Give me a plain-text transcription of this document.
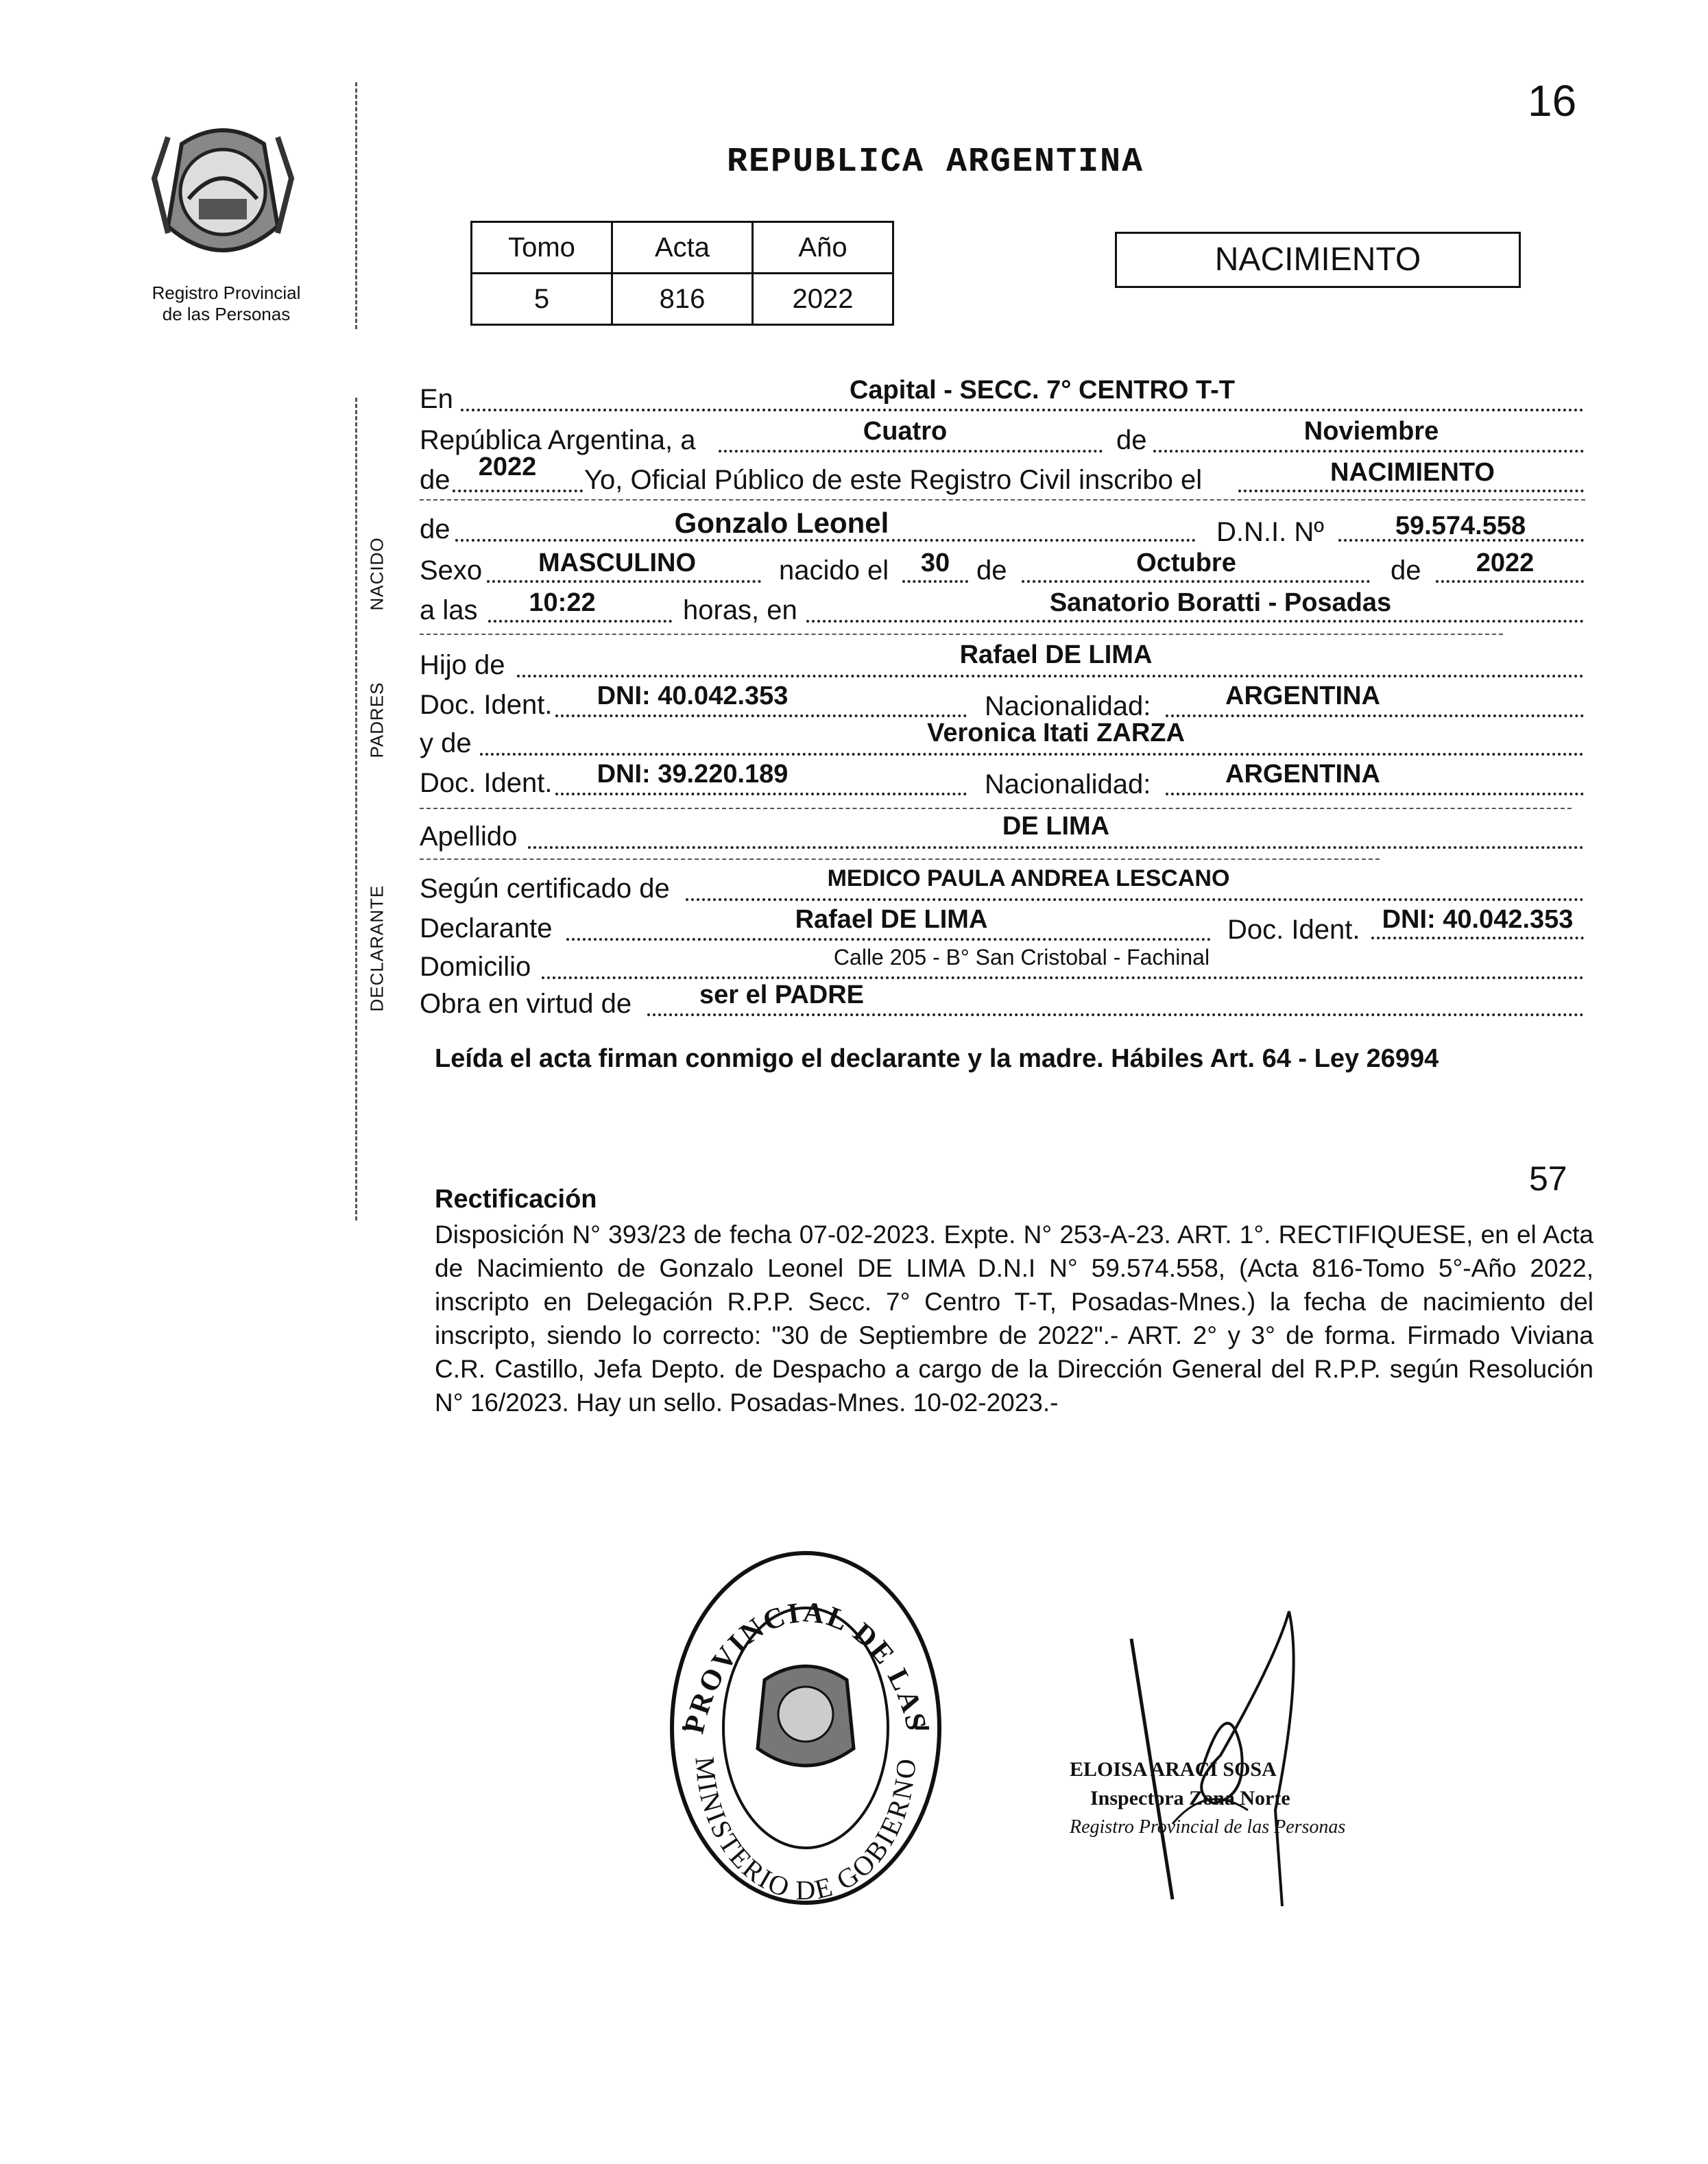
16
Registro Provincial
de las Personas
REPUBLICA ARGENTINA
Tomo	Acta	Año
5	816	2022
NACIMIENTO
NACIDO
PADRES
DECLARANTE
En	Capital - SECC. 7° CENTRO T-T
República Argentina, a	Cuatro	de	Noviembre
de	2022	Yo, Oficial Público de este Registro Civil inscribo el	NACIMIENTO
de	Gonzalo Leonel	D.N.I. Nº	59.574.558
Sexo	MASCULINO	nacido el	30 de	Octubre	de	2022
a las	10:22	horas, en	Sanatorio Boratti - Posadas
Hijo de	Rafael DE LIMA
Doc. Ident.	DNI: 40.042.353	Nacionalidad:	ARGENTINA
y de	Veronica Itati ZARZA
Doc. Ident.	DNI: 39.220.189	Nacionalidad:	ARGENTINA
Apellido	DE LIMA
Según certificado de	MEDICO PAULA ANDREA LESCANO
Declarante	Rafael DE LIMA	Doc. Ident. DNI: 40.042.353
Domicilio	Calle 205 - B° San Cristobal - Fachinal
Obra en virtud de	ser el PADRE
Leída el acta firman conmigo el declarante y la madre. Hábiles Art. 64 - Ley 26994
57
Rectificación
Disposición N° 393/23 de fecha 07-02-2023. Expte. N° 253-A-23. ART. 1°. RECTIFIQUESE, en el Acta de Nacimiento de Gonzalo Leonel DE LIMA D.N.I N° 59.574.558, (Acta 816-Tomo 5°-Año 2022, inscripto en Delegación R.P.P. Secc. 7° Centro T-T, Posadas-Mnes.) la fecha de nacimiento del inscripto, siendo lo correcto: "30 de Septiembre de 2022".- ART. 2° y 3° de forma. Firmado Viviana C.R. Castillo, Jefa Depto. de Despacho a cargo de la Dirección General del R.P.P. según Resolución N° 16/2023. Hay un sello. Posadas-Mnes. 10-02-2023.-
PROVINCIAL DE LAS
MINISTERIO DE GOBIERNO	ELOISA ARACI SOSA
Inspectora Zona Norte
Registro Provincial de las Personas
